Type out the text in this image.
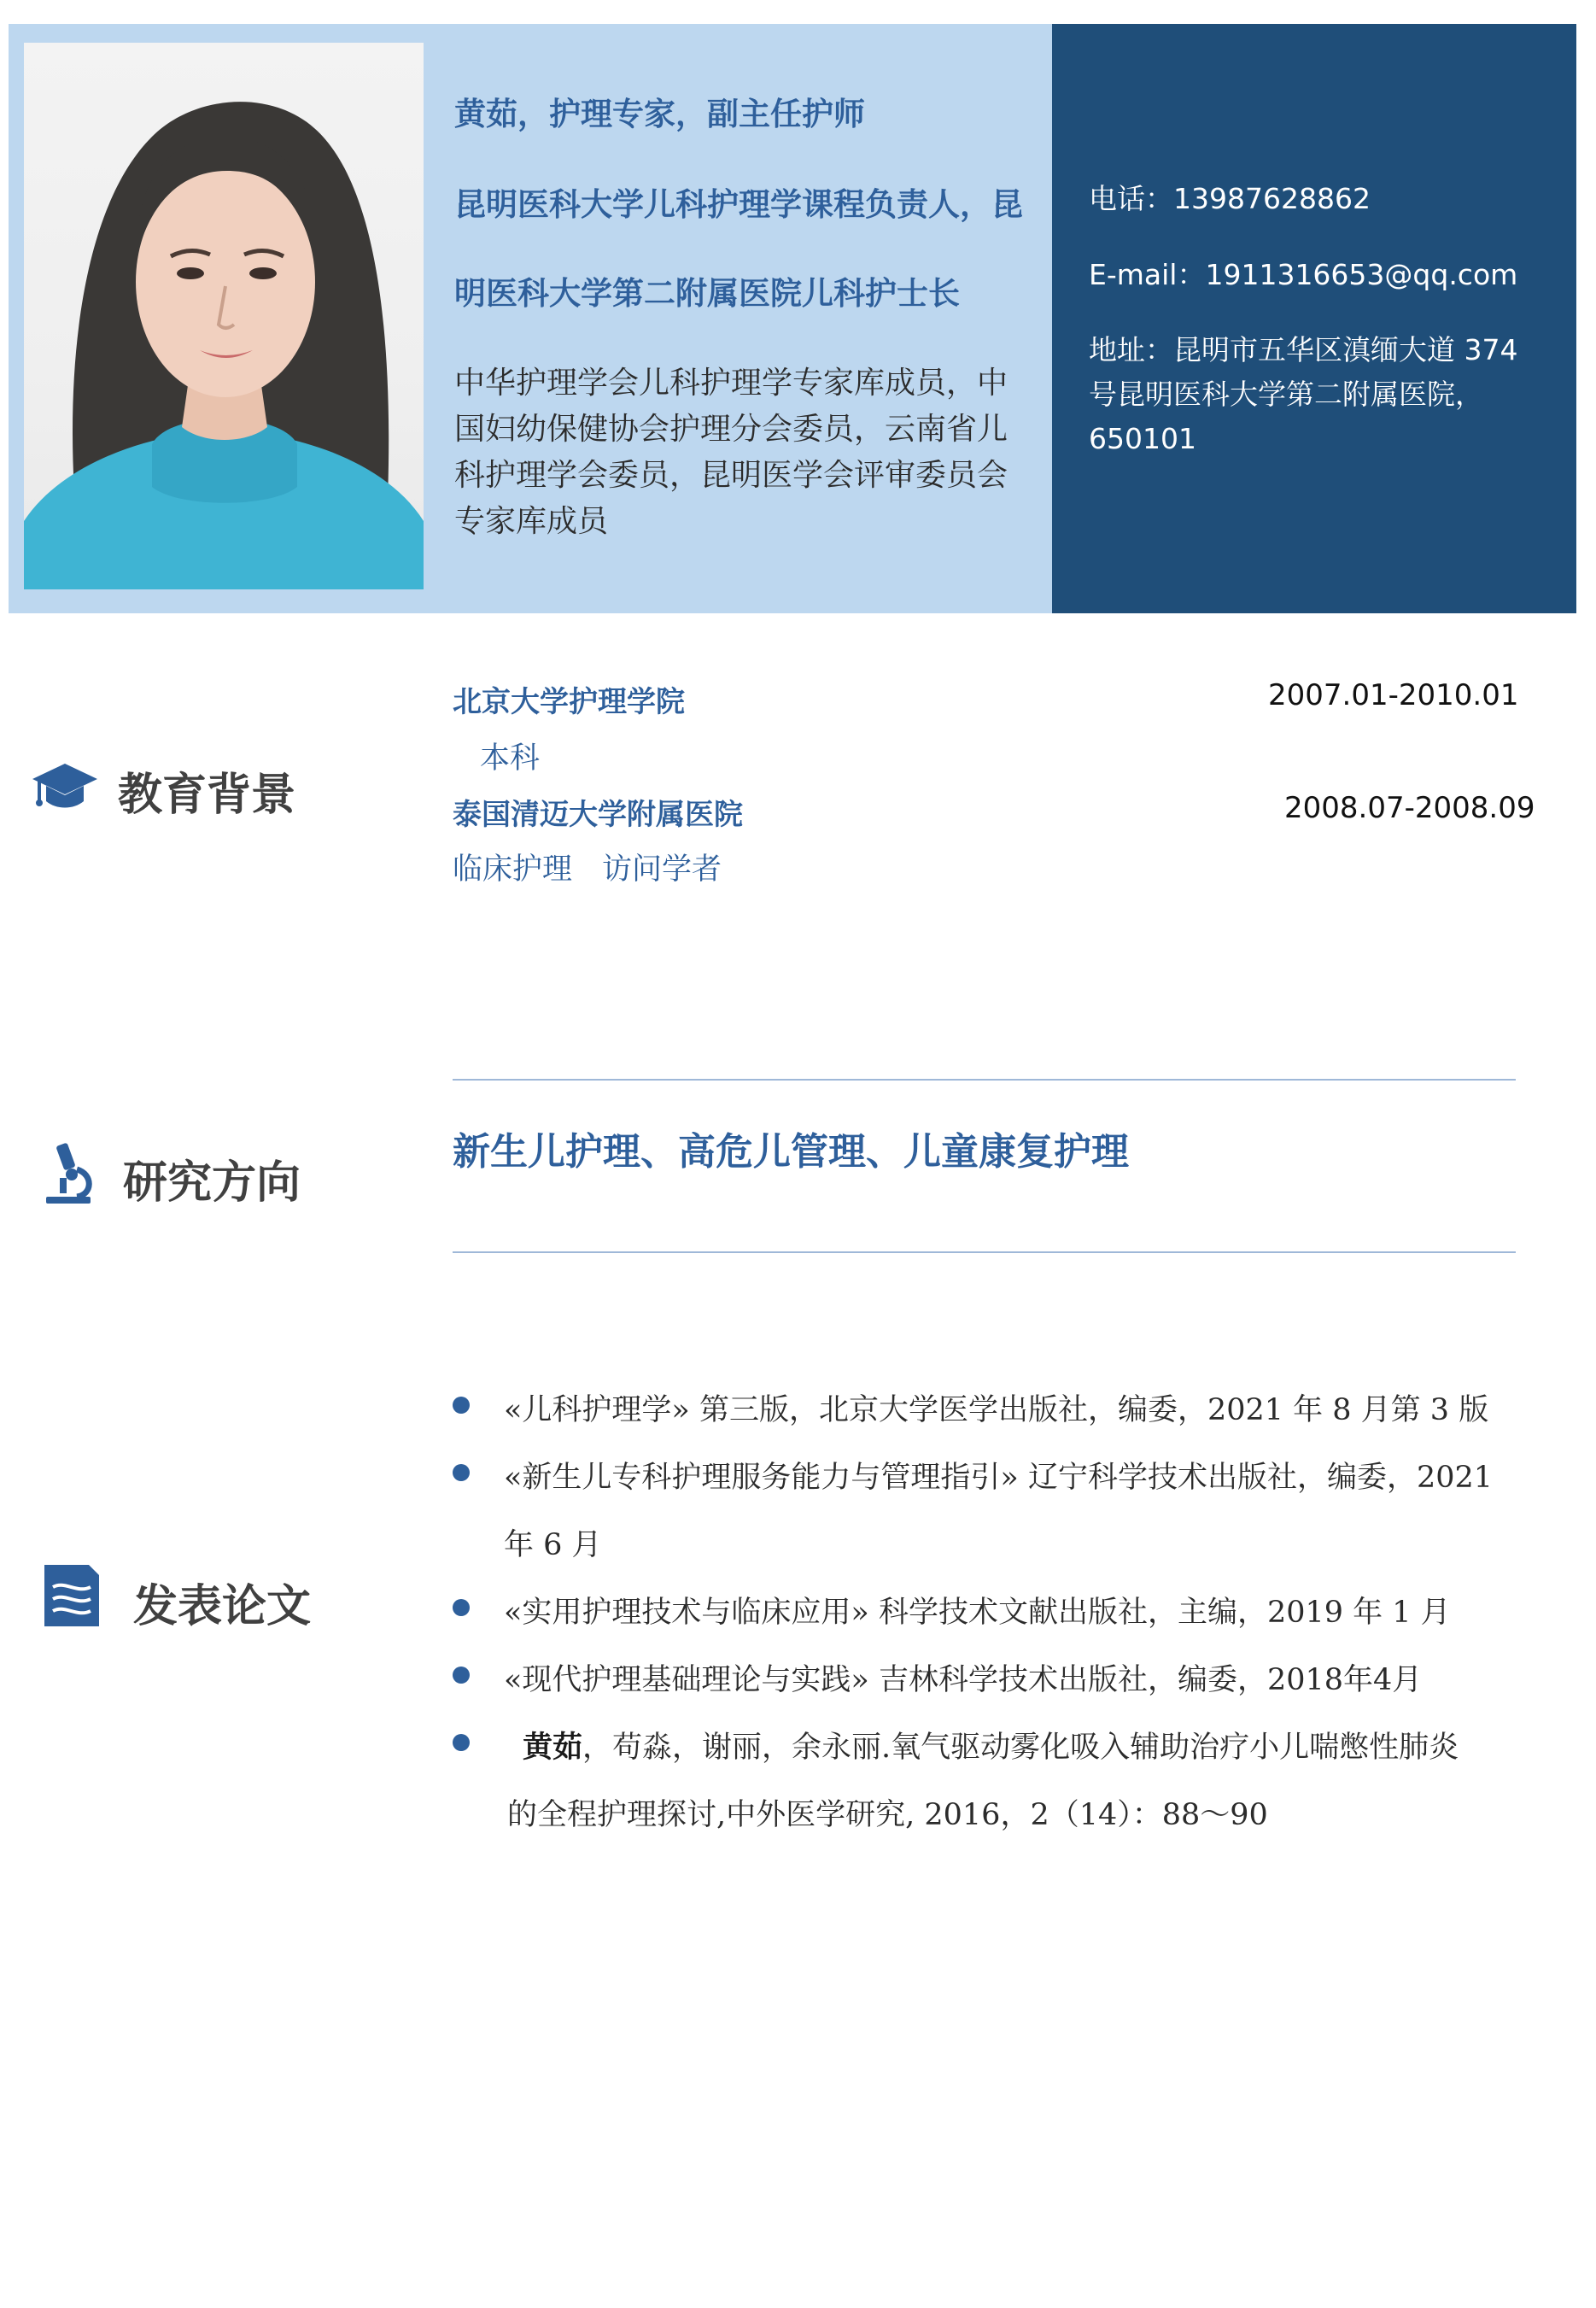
黄茹，护理专家，副主任护师
昆明医科大学儿科护理学课程负责人，昆
明医科大学第二附属医院儿科护士长
中华护理学会儿科护理学专家库成员，中
国妇幼保健协会护理分会委员，云南省儿
科护理学会委员，昆明医学会评审委员会
专家库成员
电话：13987628862
E-mail：1911316653@qq.com
地址：昆明市五华区滇缅大道 374
号昆明医科大学第二附属医院，
650101
教育背景
北京大学护理学院	2007.01-2010.01
本科
泰国清迈大学附属医院	2008.07-2008.09
临床护理　访问学者
研究方向
新生儿护理、高危儿管理、儿童康复护理
发表论文
«儿科护理学» 第三版，北京大学医学出版社，编委，2021 年 8 月第 3 版
«新生儿专科护理服务能力与管理指引» 辽宁科学技术出版社，编委，2021
年 6 月
«实用护理技术与临床应用» 科学技术文献出版社，主编，2019 年 1 月
«现代护理基础理论与实践» 吉林科学技术出版社，编委，2018年4月
黄茹，苟淼，谢丽，余永丽.氧气驱动雾化吸入辅助治疗小儿喘憋性肺炎
的全程护理探讨,中外医学研究, 2016，2（14）：88～90
